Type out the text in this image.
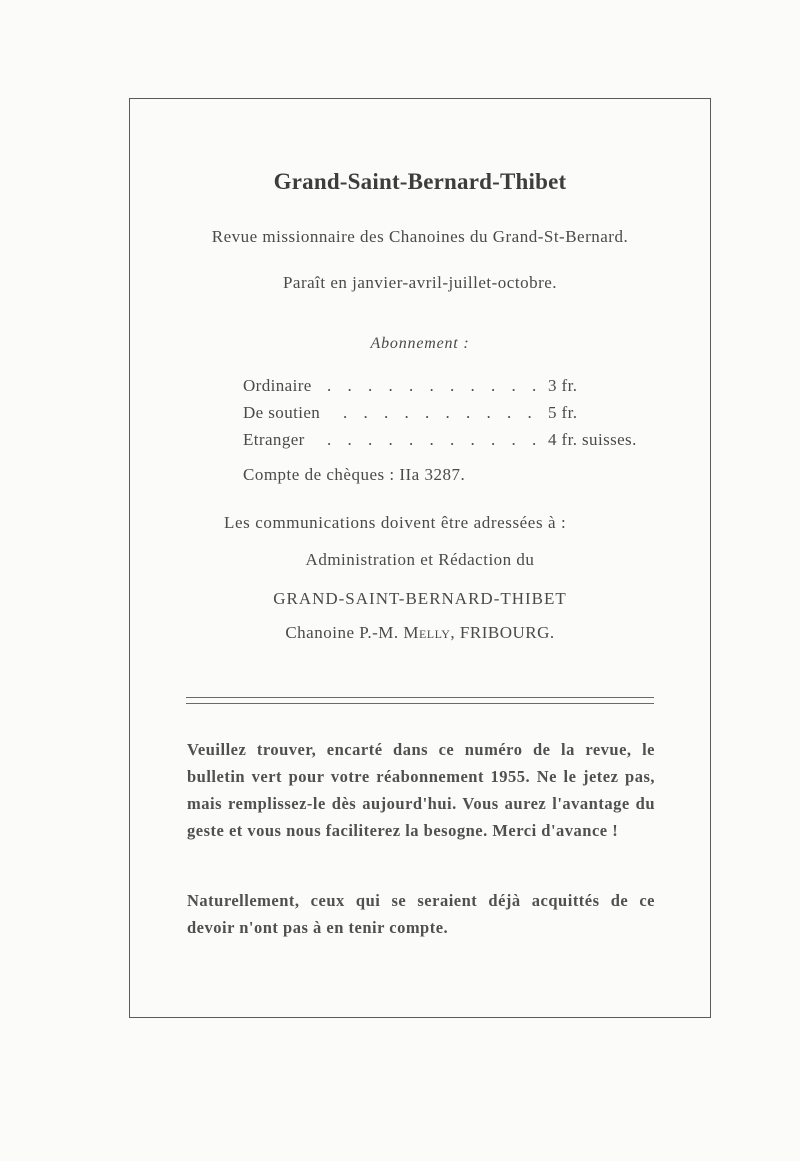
Grand-Saint-Bernard-Thibet
Revue missionnaire des Chanoines du Grand-St-Bernard.
Paraît en janvier-avril-juillet-octobre.
Abonnement :
Ordinaire . . . . . . . . . . . 3 fr.
De soutien . . . . . . . . . . 5 fr.
Etranger . . . . . . . . . . . 4 fr. suisses.
Compte de chèques : IIa 3287.
Les communications doivent être adressées à :
Administration et Rédaction du
GRAND-SAINT-BERNARD-THIBET
Chanoine P.-M. Melly, FRIBOURG.
Veuillez trouver, encarté dans ce numéro de la revue, le bulletin vert pour votre réabonnement 1955. Ne le jetez pas, mais remplissez-le dès aujourd'hui. Vous aurez l'avantage du geste et vous nous faciliterez la besogne. Merci d'avance !
Naturellement, ceux qui se seraient déjà acquittés de ce devoir n'ont pas à en tenir compte.
